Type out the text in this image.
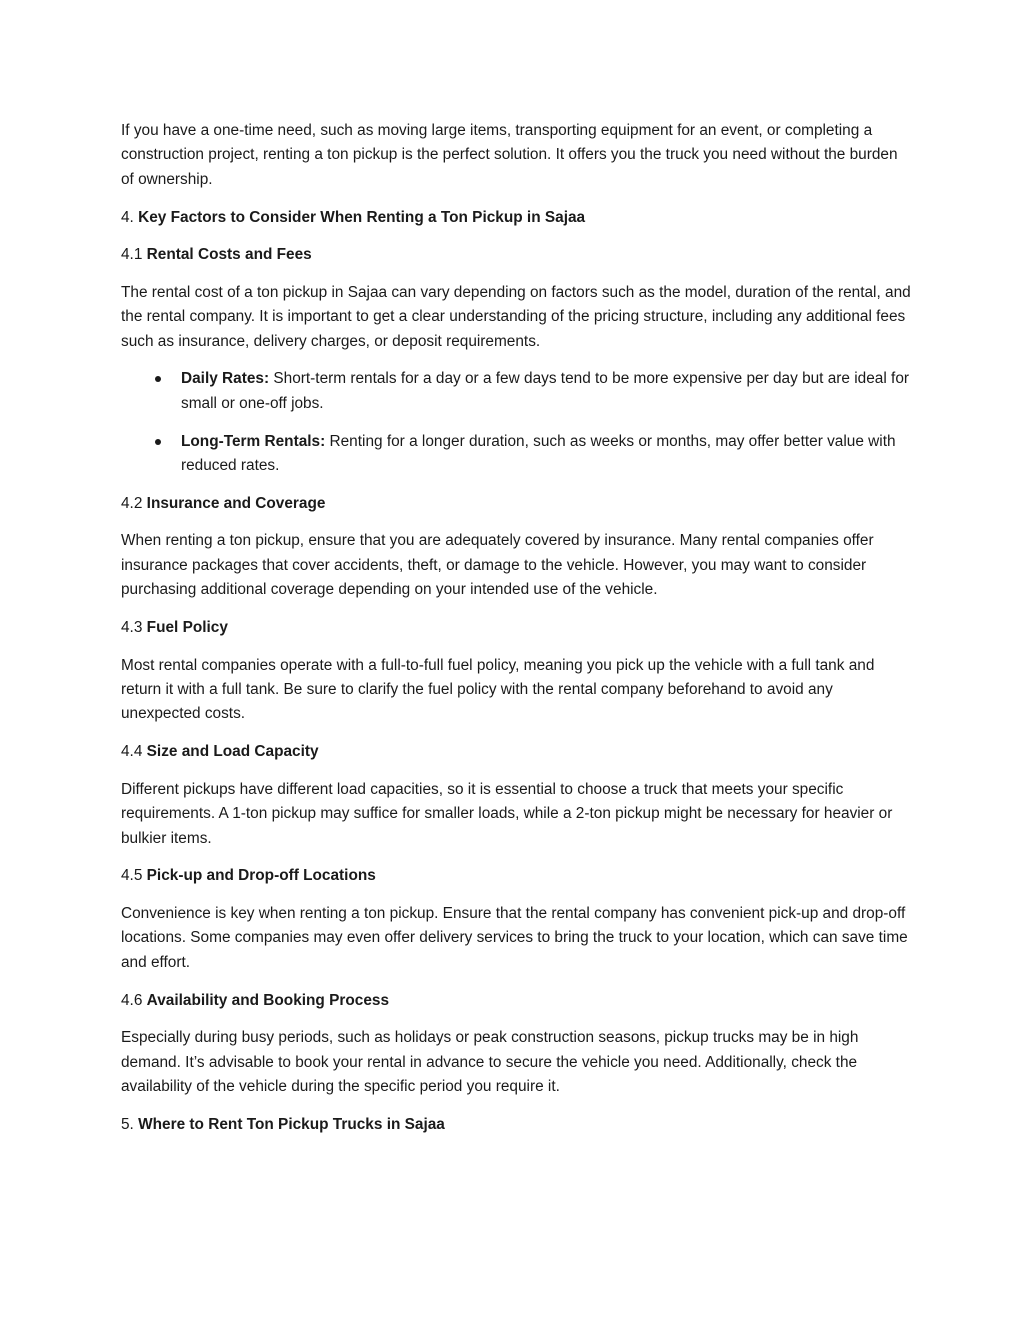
If you have a one-time need, such as moving large items, transporting equipment for an event, or completing a construction project, renting a ton pickup is the perfect solution. It offers you the truck you need without the burden of ownership.

4. Key Factors to Consider When Renting a Ton Pickup in Sajaa
4.1 Rental Costs and Fees

The rental cost of a ton pickup in Sajaa can vary depending on factors such as the model, duration of the rental, and the rental company. It is important to get a clear understanding of the pricing structure, including any additional fees such as insurance, delivery charges, or deposit requirements.

Daily Rates: Short-term rentals for a day or a few days tend to be more expensive per day but are ideal for small or one-off jobs.
Long-Term Rentals: Renting for a longer duration, such as weeks or months, may offer better value with reduced rates.
4.2 Insurance and Coverage

When renting a ton pickup, ensure that you are adequately covered by insurance. Many rental companies offer insurance packages that cover accidents, theft, or damage to the vehicle. However, you may want to consider purchasing additional coverage depending on your intended use of the vehicle.

4.3 Fuel Policy

Most rental companies operate with a full-to-full fuel policy, meaning you pick up the vehicle with a full tank and return it with a full tank. Be sure to clarify the fuel policy with the rental company beforehand to avoid any unexpected costs.

4.4 Size and Load Capacity

Different pickups have different load capacities, so it is essential to choose a truck that meets your specific requirements. A 1-ton pickup may suffice for smaller loads, while a 2-ton pickup might be necessary for heavier or bulkier items.

4.5 Pick-up and Drop-off Locations

Convenience is key when renting a ton pickup. Ensure that the rental company has convenient pick-up and drop-off locations. Some companies may even offer delivery services to bring the truck to your location, which can save time and effort.

4.6 Availability and Booking Process

Especially during busy periods, such as holidays or peak construction seasons, pickup trucks may be in high demand. It’s advisable to book your rental in advance to secure the vehicle you need. Additionally, check the availability of the vehicle during the specific period you require it.

5. Where to Rent Ton Pickup Trucks in Sajaa
